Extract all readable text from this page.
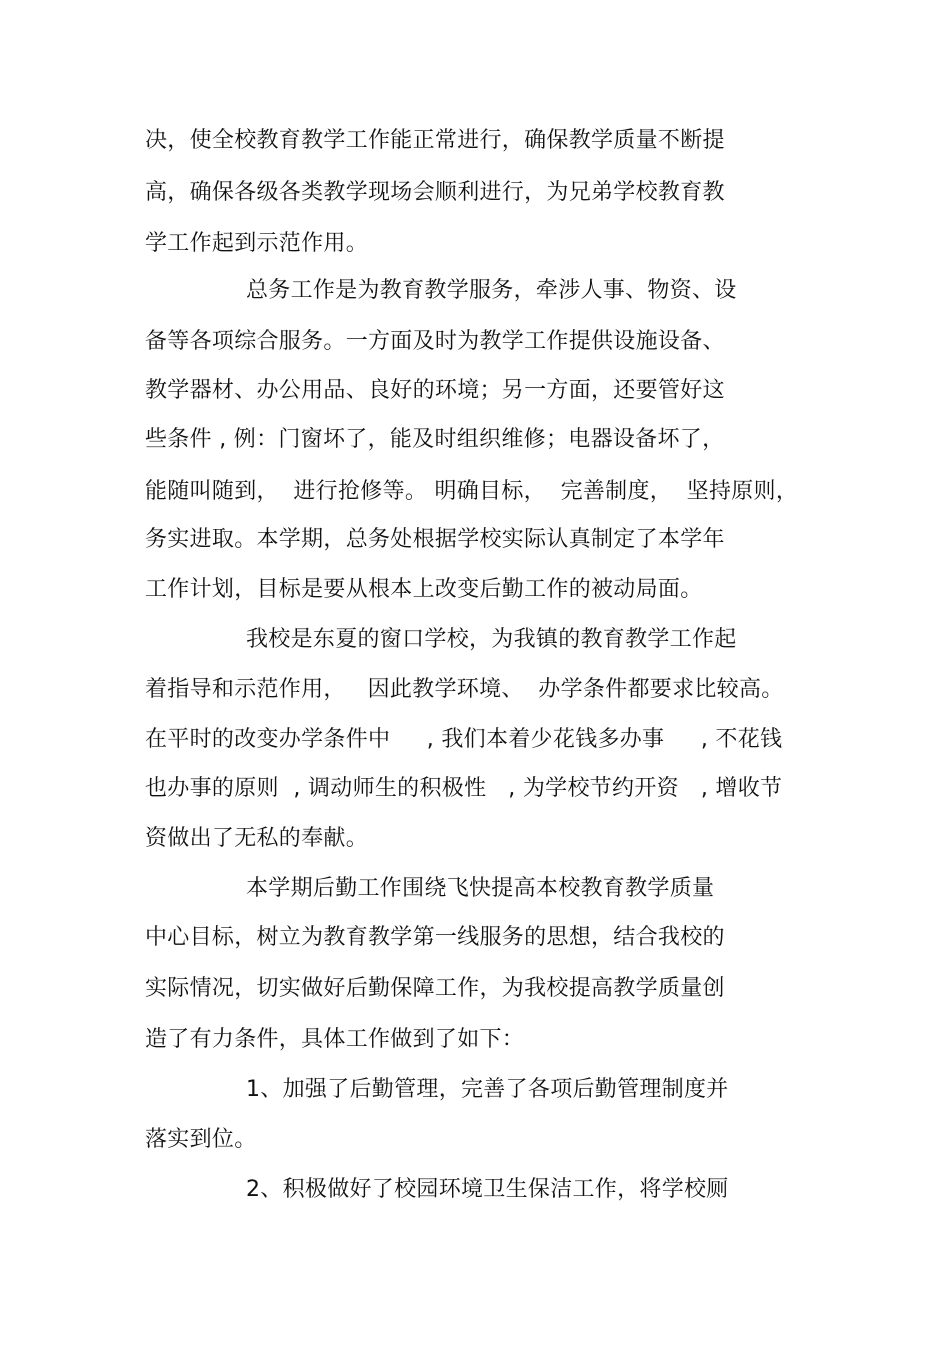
决，使全校教育教学工作能正常进行，确保教学质量不断提
高，确保各级各类教学现场会顺利进行，为兄弟学校教育教
学工作起到示范作用。
总务工作是为教育教学服务，牵涉人事、物资、设
备等各项综合服务。一方面及时为教学工作提供设施设备、
教学器材、办公用品、良好的环境；另一方面，还要管好这
些条件 , 例：门窗坏了，能及时组织维修；电器设备坏了，
能随叫随到，  进行抢修等。 明确目标，  完善制度，  坚持原则，
务实进取。本学期，总务处根据学校实际认真制定了本学年
工作计划，目标是要从根本上改变后勤工作的被动局面。
我校是东夏的窗口学校，为我镇的教育教学工作起
着指导和示范作用，   因此教学环境、  办学条件都要求比较高。
在平时的改变办学条件中     , 我们本着少花钱多办事     , 不花钱
也办事的原则  , 调动师生的积极性   , 为学校节约开资   , 增收节
资做出了无私的奉献。
本学期后勤工作围绕飞快提高本校教育教学质量
中心目标，树立为教育教学第一线服务的思想，结合我校的
实际情况，切实做好后勤保障工作，为我校提高教学质量创
造了有力条件，具体工作做到了如下：
1、加强了后勤管理，完善了各项后勤管理制度并
落实到位。
2、积极做好了校园环境卫生保洁工作，将学校厕
